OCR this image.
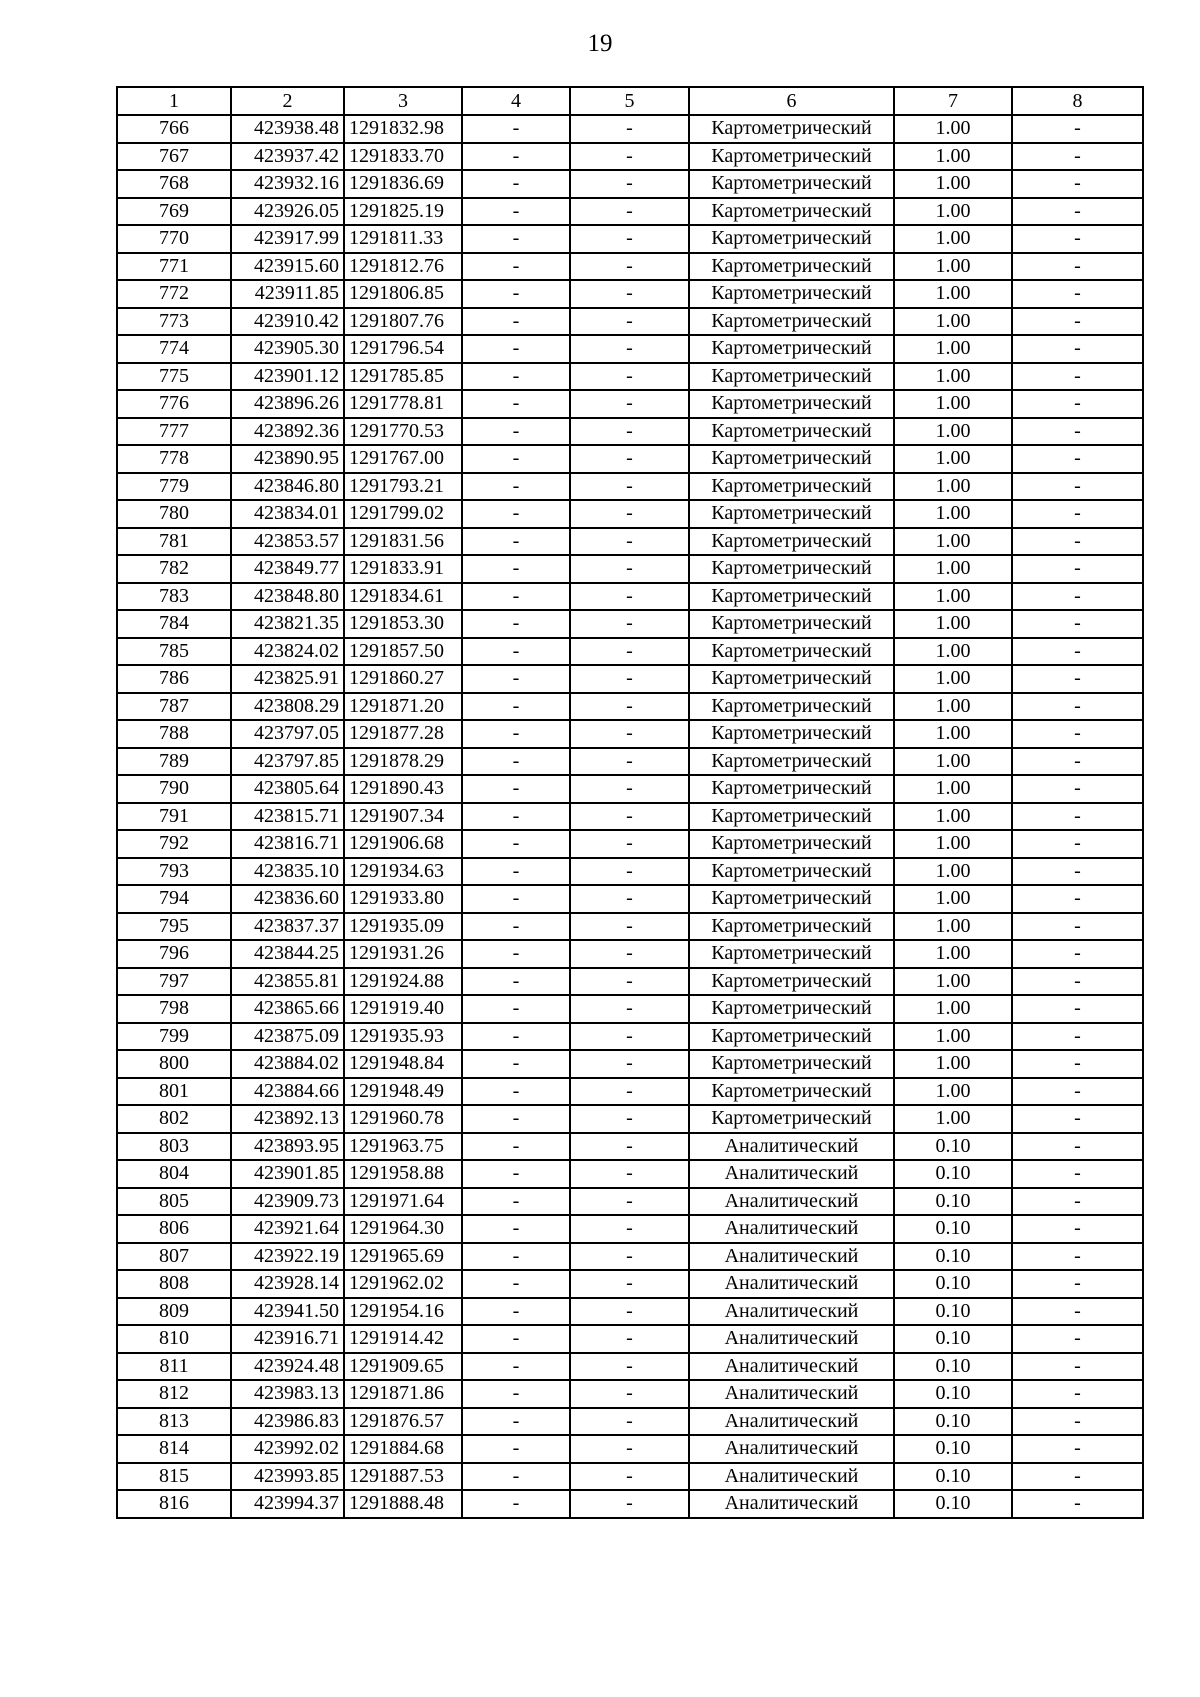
19
1	2	3	4	5	6	7	8
766	423938.48	1291832.98	-	-	Картометрический	1.00	-
767	423937.42	1291833.70	-	-	Картометрический	1.00	-
768	423932.16	1291836.69	-	-	Картометрический	1.00	-
769	423926.05	1291825.19	-	-	Картометрический	1.00	-
770	423917.99	1291811.33	-	-	Картометрический	1.00	-
771	423915.60	1291812.76	-	-	Картометрический	1.00	-
772	423911.85	1291806.85	-	-	Картометрический	1.00	-
773	423910.42	1291807.76	-	-	Картометрический	1.00	-
774	423905.30	1291796.54	-	-	Картометрический	1.00	-
775	423901.12	1291785.85	-	-	Картометрический	1.00	-
776	423896.26	1291778.81	-	-	Картометрический	1.00	-
777	423892.36	1291770.53	-	-	Картометрический	1.00	-
778	423890.95	1291767.00	-	-	Картометрический	1.00	-
779	423846.80	1291793.21	-	-	Картометрический	1.00	-
780	423834.01	1291799.02	-	-	Картометрический	1.00	-
781	423853.57	1291831.56	-	-	Картометрический	1.00	-
782	423849.77	1291833.91	-	-	Картометрический	1.00	-
783	423848.80	1291834.61	-	-	Картометрический	1.00	-
784	423821.35	1291853.30	-	-	Картометрический	1.00	-
785	423824.02	1291857.50	-	-	Картометрический	1.00	-
786	423825.91	1291860.27	-	-	Картометрический	1.00	-
787	423808.29	1291871.20	-	-	Картометрический	1.00	-
788	423797.05	1291877.28	-	-	Картометрический	1.00	-
789	423797.85	1291878.29	-	-	Картометрический	1.00	-
790	423805.64	1291890.43	-	-	Картометрический	1.00	-
791	423815.71	1291907.34	-	-	Картометрический	1.00	-
792	423816.71	1291906.68	-	-	Картометрический	1.00	-
793	423835.10	1291934.63	-	-	Картометрический	1.00	-
794	423836.60	1291933.80	-	-	Картометрический	1.00	-
795	423837.37	1291935.09	-	-	Картометрический	1.00	-
796	423844.25	1291931.26	-	-	Картометрический	1.00	-
797	423855.81	1291924.88	-	-	Картометрический	1.00	-
798	423865.66	1291919.40	-	-	Картометрический	1.00	-
799	423875.09	1291935.93	-	-	Картометрический	1.00	-
800	423884.02	1291948.84	-	-	Картометрический	1.00	-
801	423884.66	1291948.49	-	-	Картометрический	1.00	-
802	423892.13	1291960.78	-	-	Картометрический	1.00	-
803	423893.95	1291963.75	-	-	Аналитический	0.10	-
804	423901.85	1291958.88	-	-	Аналитический	0.10	-
805	423909.73	1291971.64	-	-	Аналитический	0.10	-
806	423921.64	1291964.30	-	-	Аналитический	0.10	-
807	423922.19	1291965.69	-	-	Аналитический	0.10	-
808	423928.14	1291962.02	-	-	Аналитический	0.10	-
809	423941.50	1291954.16	-	-	Аналитический	0.10	-
810	423916.71	1291914.42	-	-	Аналитический	0.10	-
811	423924.48	1291909.65	-	-	Аналитический	0.10	-
812	423983.13	1291871.86	-	-	Аналитический	0.10	-
813	423986.83	1291876.57	-	-	Аналитический	0.10	-
814	423992.02	1291884.68	-	-	Аналитический	0.10	-
815	423993.85	1291887.53	-	-	Аналитический	0.10	-
816	423994.37	1291888.48	-	-	Аналитический	0.10	-
